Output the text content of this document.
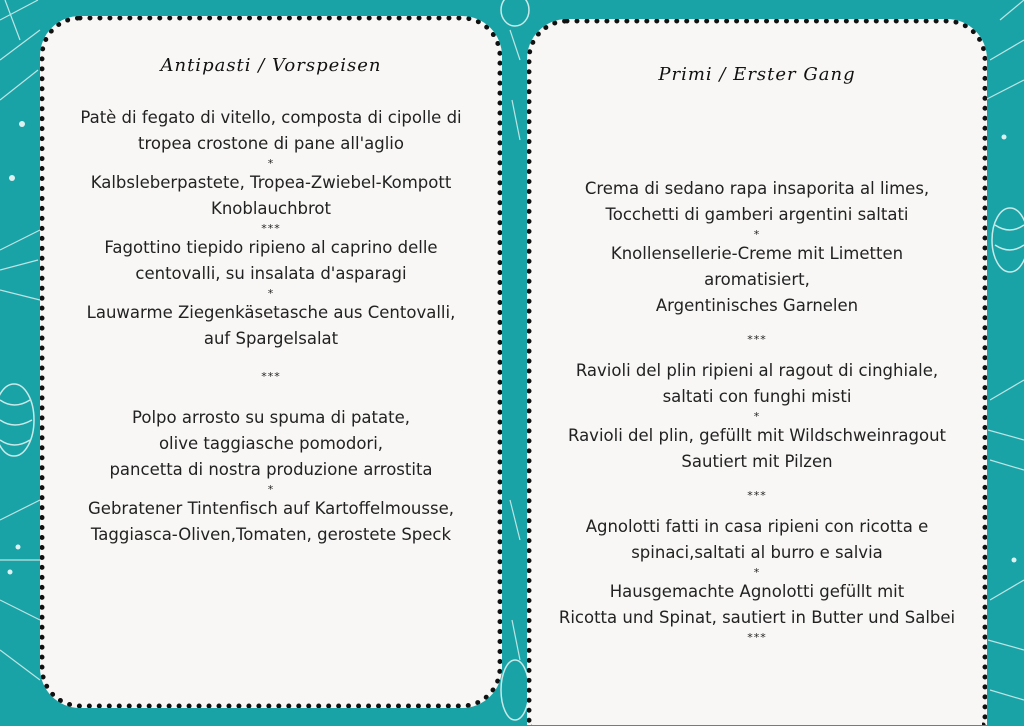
Antipasti / Vorspeisen
Patè di fegato di vitello, composta di cipolle di
tropea crostone di pane all'aglio
*
Kalbsleberpastete, Tropea-Zwiebel-Kompott
Knoblauchbrot
***
Fagottino tiepido ripieno al caprino delle
centovalli, su insalata d'asparagi
*
Lauwarme Ziegenkäsetasche aus Centovalli,
auf Spargelsalat
***
Polpo arrosto su spuma di patate,
olive taggiasche pomodori,
pancetta di nostra produzione arrostita
*
Gebratener Tintenfisch auf Kartoffelmousse,
Taggiasca-Oliven,Tomaten, gerostete Speck
Primi / Erster Gang
Crema di sedano rapa insaporita al limes,
Tocchetti di gamberi argentini saltati
*
Knollensellerie-Creme mit Limetten
aromatisiert,
Argentinisches Garnelen
***
Ravioli del plin ripieni al ragout di cinghiale,
saltati con funghi misti
*
Ravioli del plin, gefüllt mit Wildschweinragout
Sautiert mit Pilzen
***
Agnolotti fatti in casa ripieni con ricotta e
spinaci,saltati al burro e salvia
*
Hausgemachte Agnolotti gefüllt mit
Ricotta und Spinat, sautiert in Butter und Salbei
***
